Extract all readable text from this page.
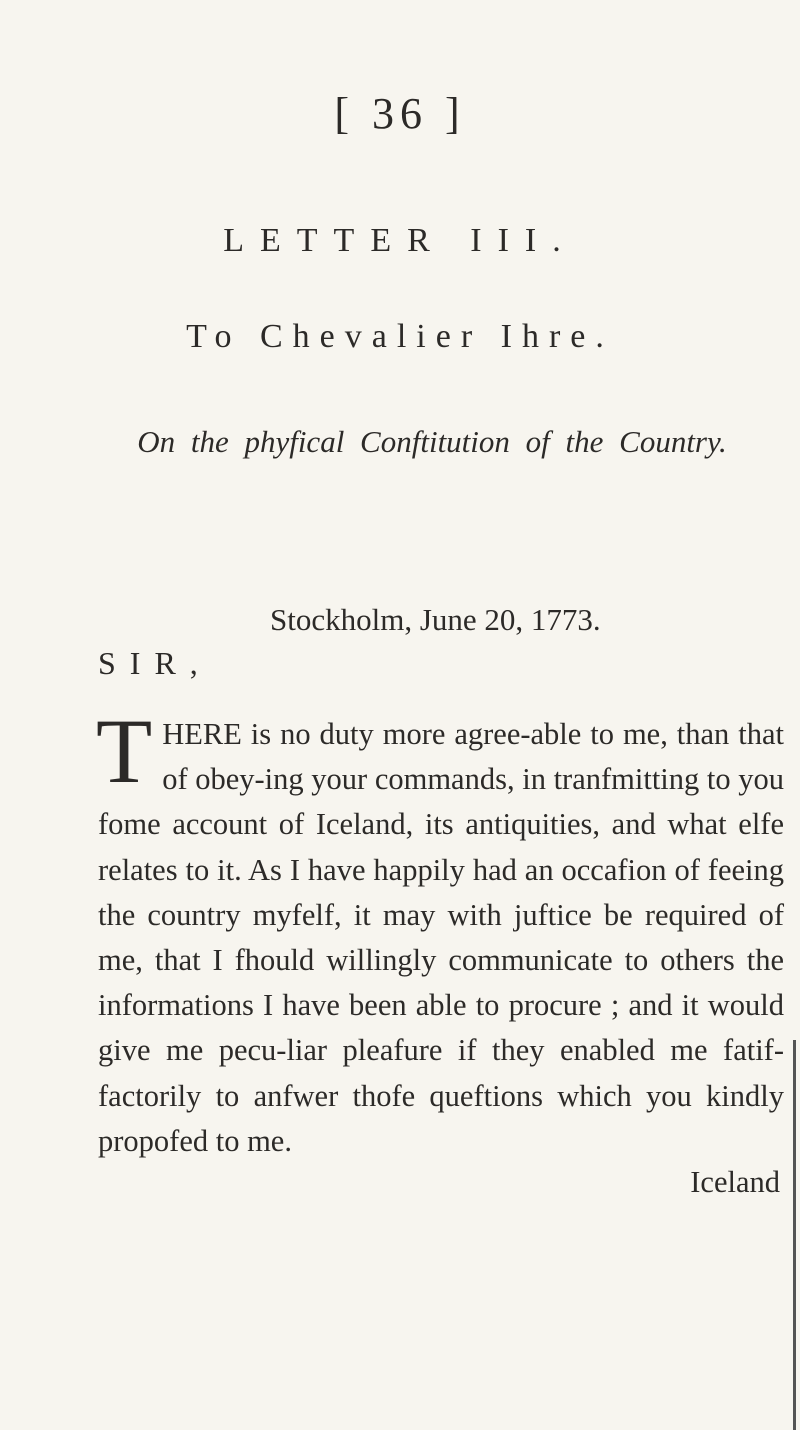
[ 36 ]
LETTER III.
To Chevalier Ihre.
On the phyfical Conftitution of the Country.
Stockholm, June 20, 1773.
SIR,
T HERE is no duty more agree-able to me, than that of obey-ing your commands, in tranfmitting to you fome account of Iceland, its antiquities, and what elfe relates to it. As I have happily had an occafion of feeing the country myfelf, it may with juftice be required of me, that I fhould willingly communicate to others the informations I have been able to procure ; and it would give me pecu-liar pleafure if they enabled me fatif-factorily to anfwer thofe queftions which you kindly propofed to me.
Iceland
